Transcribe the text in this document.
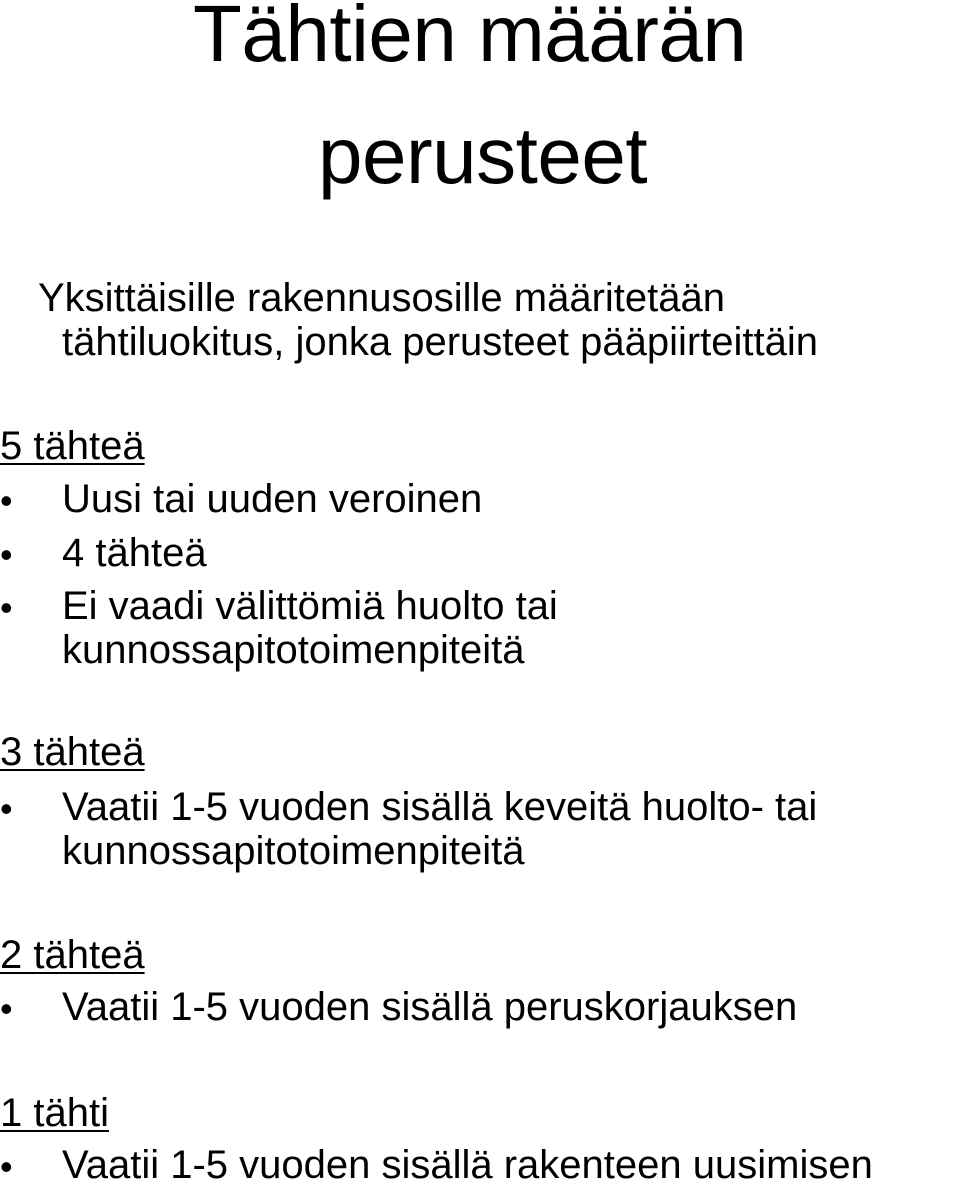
Tähtien määrän
perusteet
Yksittäisille rakennusosille määritetään
tähtiluokitus, jonka perusteet pääpiirteittäin
5 tähteä
• Uusi tai uuden veroinen
• 4 tähteä
• Ei vaadi välittömiä huolto tai
kunnossapitotoimenpiteitä
3 tähteä
• Vaatii 1-5 vuoden sisällä keveitä huolto- tai
kunnossapitotoimenpiteitä
2 tähteä
• Vaatii 1-5 vuoden sisällä peruskorjauksen
1 tähti
• Vaatii 1-5 vuoden sisällä rakenteen uusimisen
